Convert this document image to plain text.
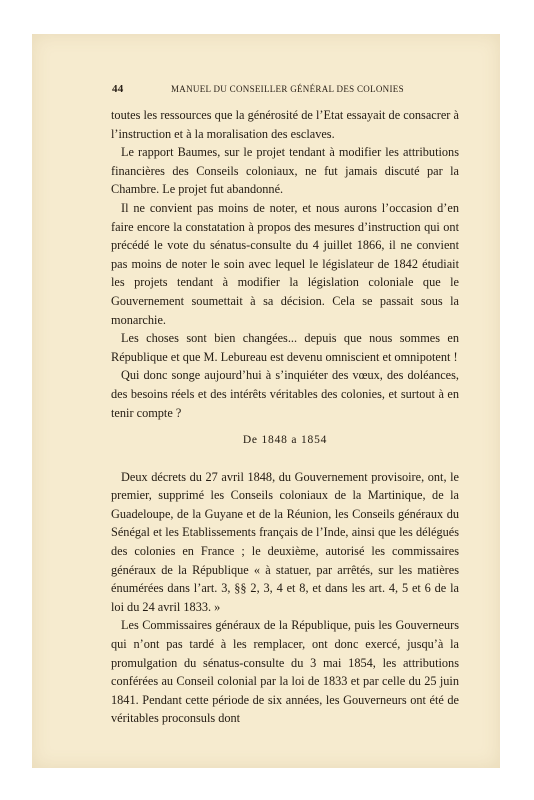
44	MANUEL DU CONSEILLER GÉNÉRAL DES COLONIES

toutes les ressources que la générosité de l’Etat essayait de consacrer à l’instruction et à la moralisation des esclaves.

Le rapport Baumes, sur le projet tendant à modifier les attributions financières des Conseils coloniaux, ne fut jamais discuté par la Chambre. Le projet fut abandonné.

Il ne convient pas moins de noter, et nous aurons l’occasion d’en faire encore la constatation à propos des mesures d’instruction qui ont précédé le vote du sénatus-consulte du 4 juillet 1866, il ne convient pas moins de noter le soin avec lequel le législateur de 1842 étudiait les projets tendant à modifier la législation coloniale que le Gouvernement soumettait à sa décision. Cela se passait sous la monarchie.

Les choses sont bien changées... depuis que nous sommes en République et que M. Lebureau est devenu omniscient et omnipotent !

Qui donc songe aujourd’hui à s’inquiéter des vœux, des doléances, des besoins réels et des intérêts véritables des colonies, et surtout à en tenir compte ?

De 1848 a 1854

Deux décrets du 27 avril 1848, du Gouvernement provisoire, ont, le premier, supprimé les Conseils coloniaux de la Martinique, de la Guadeloupe, de la Guyane et de la Réunion, les Conseils généraux du Sénégal et les Etablissements français de l’Inde, ainsi que les délégués des colonies en France ; le deuxième, autorisé les commissaires généraux de la République « à statuer, par arrêtés, sur les matières énumérées dans l’art. 3, §§ 2, 3, 4 et 8, et dans les art. 4, 5 et 6 de la loi du 24 avril 1833. »

Les Commissaires généraux de la République, puis les Gouverneurs qui n’ont pas tardé à les remplacer, ont donc exercé, jusqu’à la promulgation du sénatus-consulte du 3 mai 1854, les attributions conférées au Conseil colonial par la loi de 1833 et par celle du 25 juin 1841. Pendant cette période de six années, les Gouverneurs ont été de véritables proconsuls dont
